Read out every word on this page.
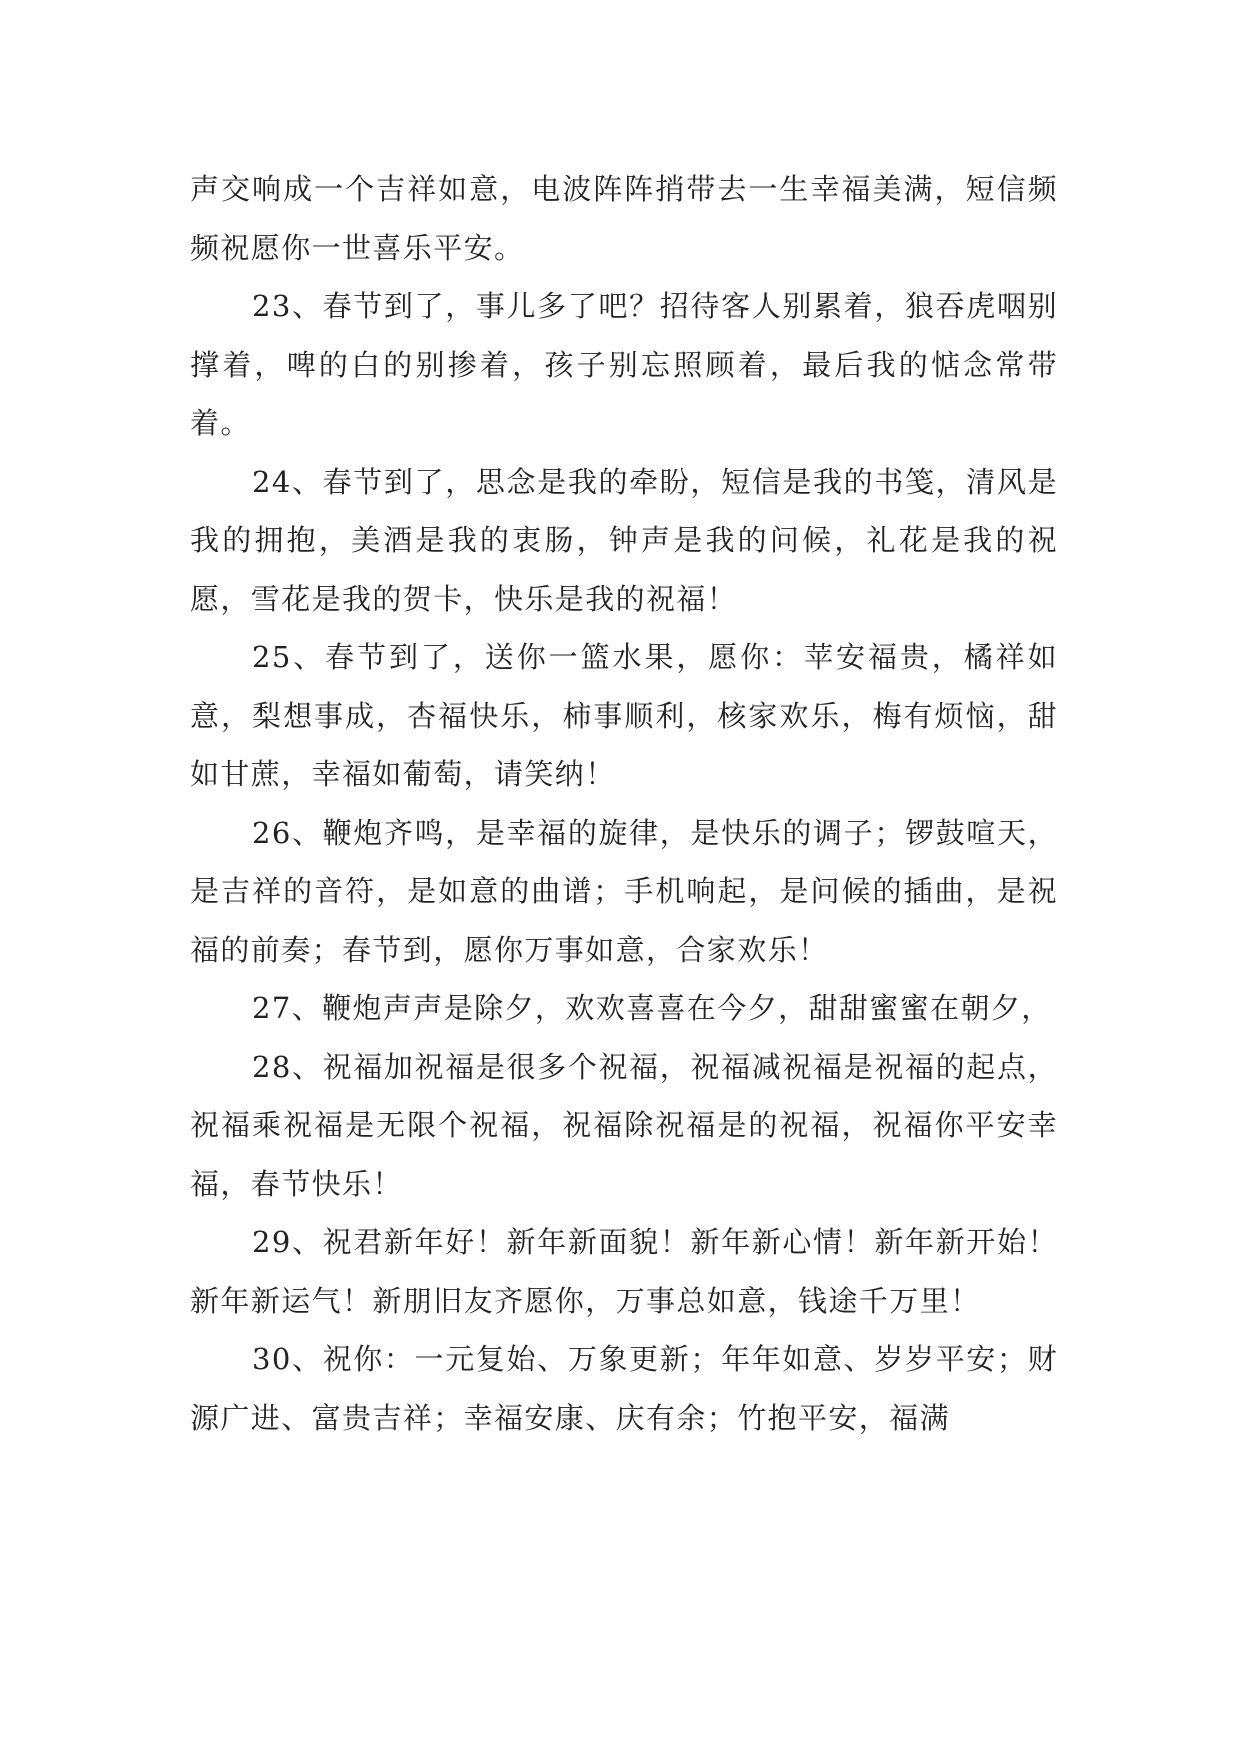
声交响成一个吉祥如意，电波阵阵捎带去一生幸福美满，短信频频祝愿你一世喜乐平安。

23、春节到了，事儿多了吧？招待客人别累着，狼吞虎咽别撑着，啤的白的别掺着，孩子别忘照顾着，最后我的惦念常带着。

24、春节到了，思念是我的牵盼，短信是我的书笺，清风是我的拥抱，美酒是我的衷肠，钟声是我的问候，礼花是我的祝愿，雪花是我的贺卡，快乐是我的祝福！

25、春节到了，送你一篮水果，愿你：苹安福贵，橘祥如意，梨想事成，杏福快乐，柿事顺利，核家欢乐，梅有烦恼，甜如甘蔗，幸福如葡萄，请笑纳！

26、鞭炮齐鸣，是幸福的旋律，是快乐的调子；锣鼓喧天，是吉祥的音符，是如意的曲谱；手机响起，是问候的插曲，是祝福的前奏；春节到，愿你万事如意，合家欢乐！

27、鞭炮声声是除夕，欢欢喜喜在今夕，甜甜蜜蜜在朝夕，

28、祝福加祝福是很多个祝福，祝福减祝福是祝福的起点，祝福乘祝福是无限个祝福，祝福除祝福是的祝福，祝福你平安幸福，春节快乐！

29、祝君新年好！新年新面貌！新年新心情！新年新开始！新年新运气！新朋旧友齐愿你，万事总如意，钱途千万里！

30、祝你：一元复始、万象更新；年年如意、岁岁平安；财源广进、富贵吉祥；幸福安康、庆有余；竹抱平安，福满
